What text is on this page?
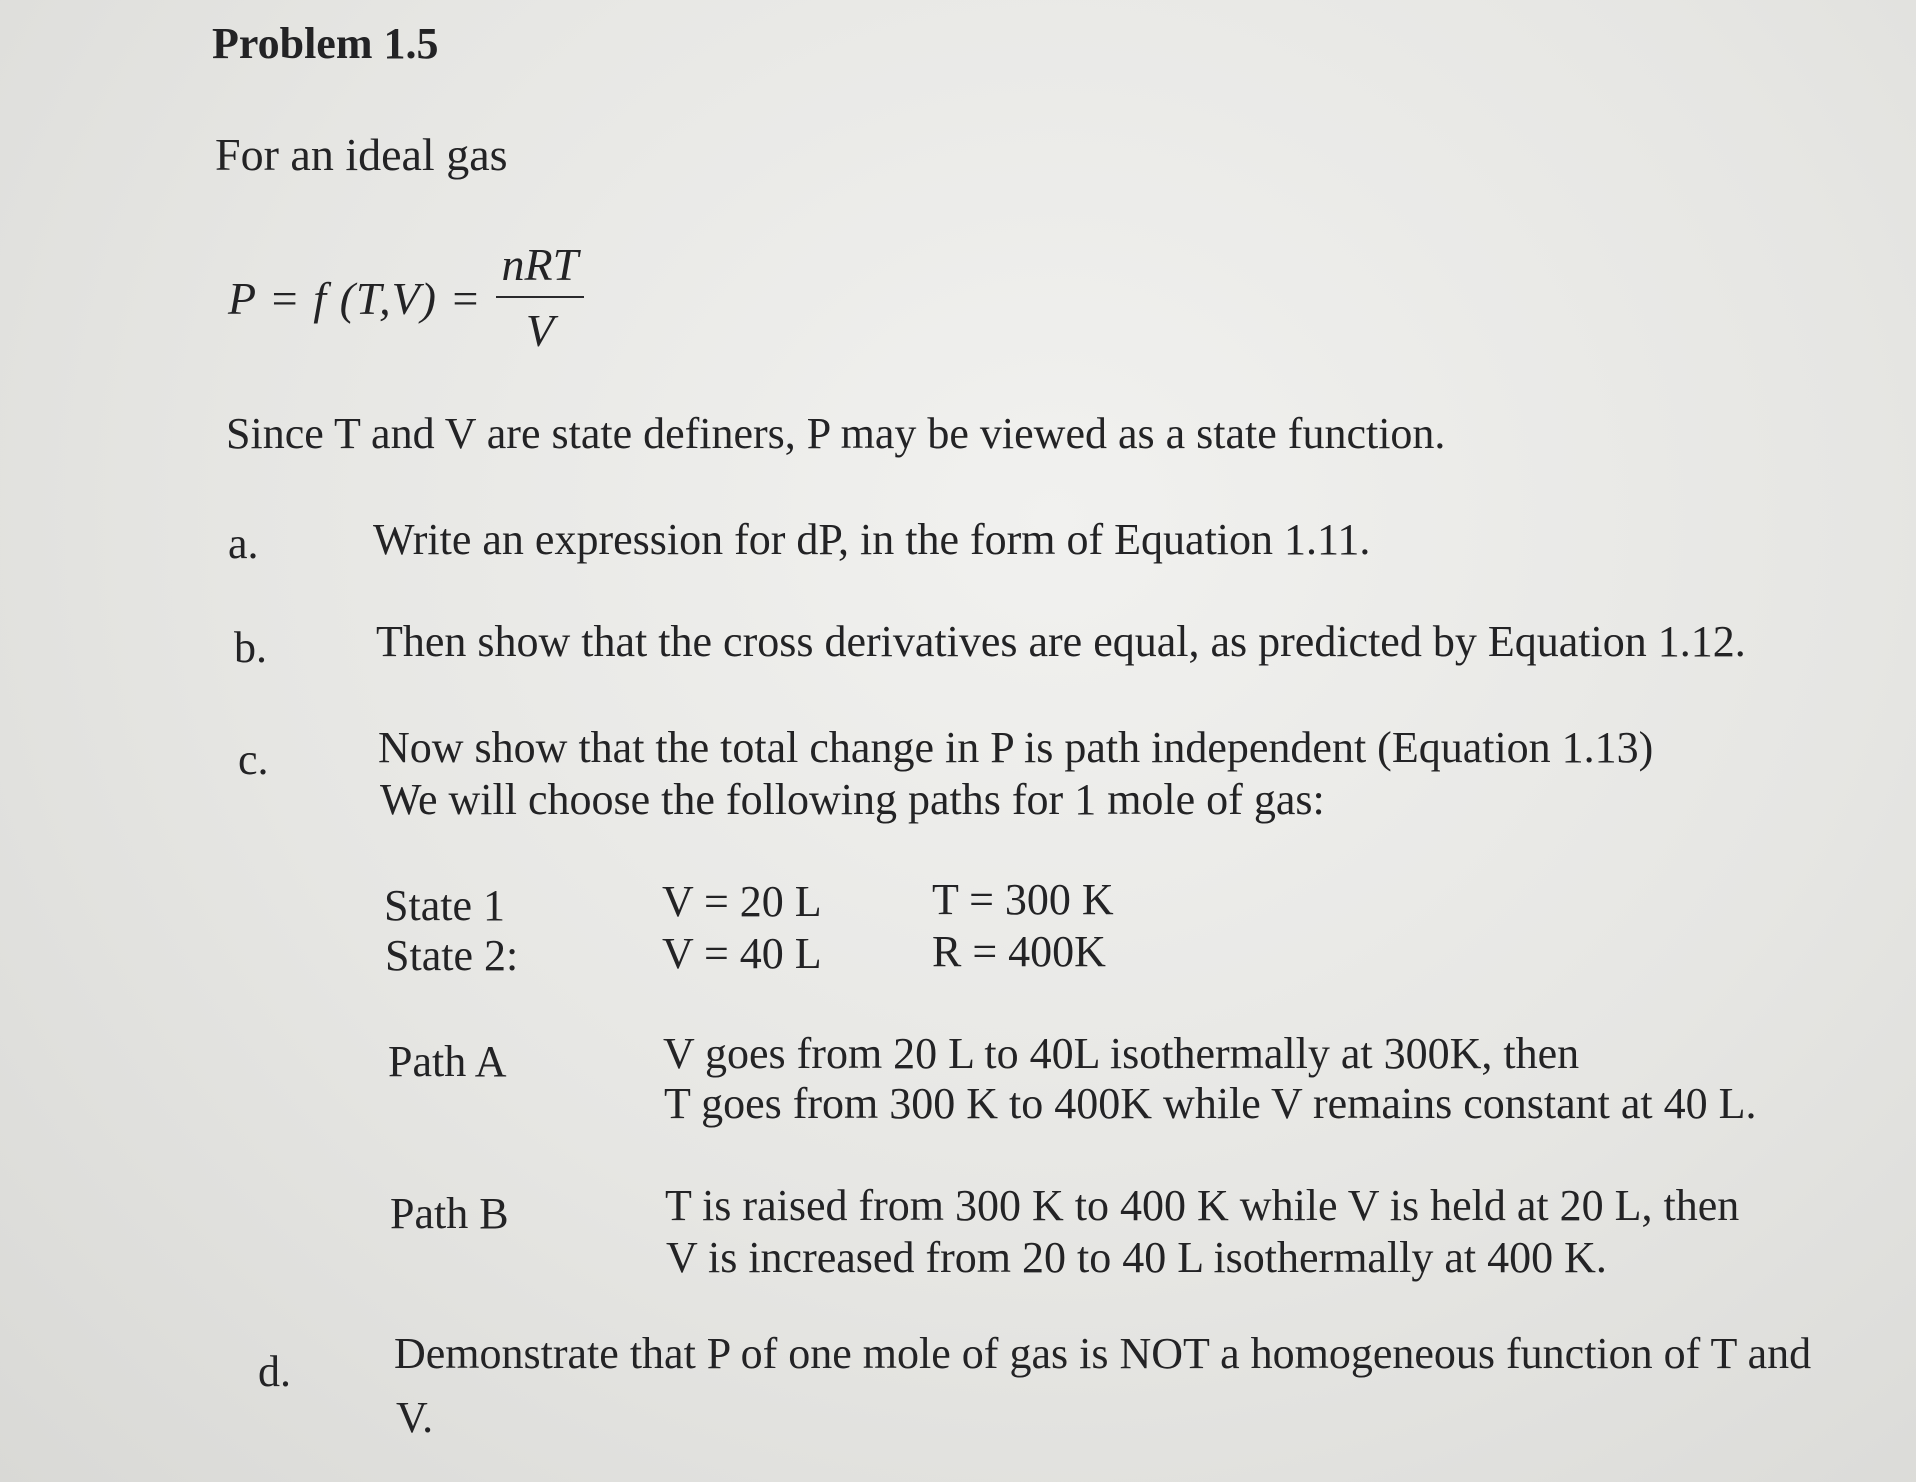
Problem 1.5
For an ideal gas
P = f $(T,V) = \frac{\text{nRT}}{V}$
Since T and V are state definers, P may be viewed as a state function.
a.	Write an expression for dP, in the form of Equation 1.11.
b. Then show that the cross derivatives are equal, as predicted by Equation 1.12.
c. Now show that the total change in P is path independent (Equation 1.13)
We will choose the following paths for 1 mole of gas:
State 1	V = 20 L	T = 300 K
State 2:	V = 40 L	R = 400K
Path A	V goes from 20 L to 40L isothermally at 300K, then
T goes from 300 K to 400K while V remains constant at 40 L.
Path B	T is raised from 300 K to 400 K while V is held at 20 L, then
V is increased from 20 to 40 L isothermally at 400 K.
d. Demonstrate that P of one mole of gas is NOT a homogeneous function of T and
V.
